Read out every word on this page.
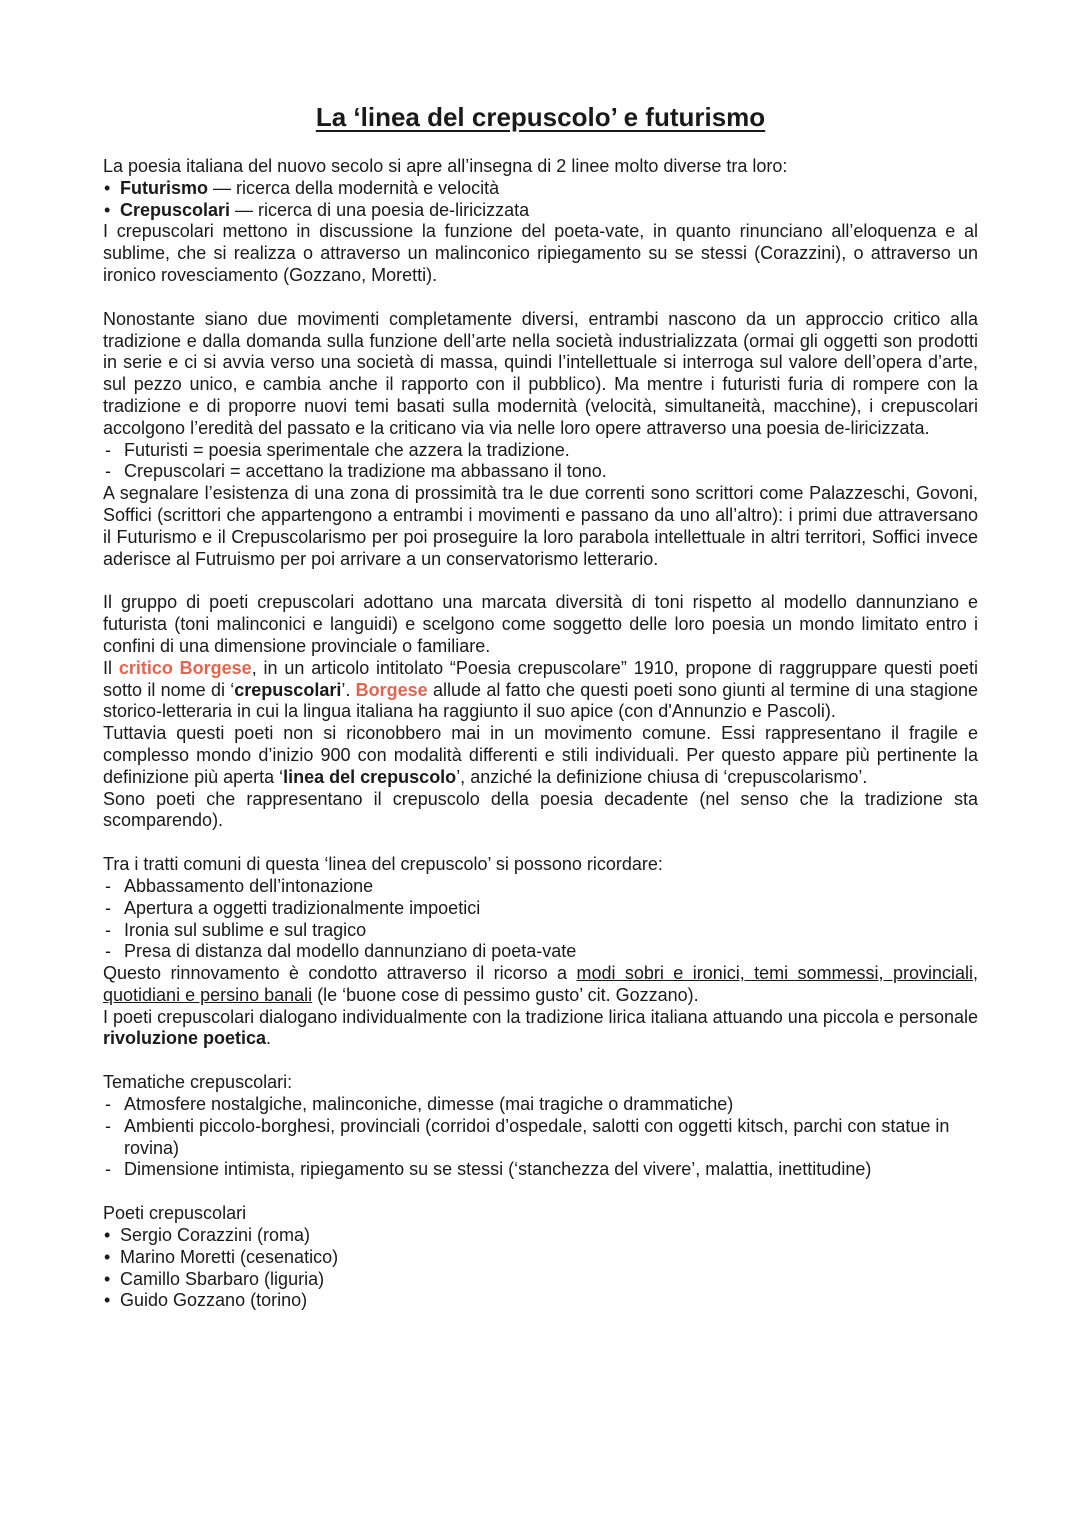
La ‘linea del crepuscolo’ e futurismo

La poesia italiana del nuovo secolo si apre all’insegna di 2 linee molto diverse tra loro:

• Futurismo — ricerca della modernità e velocità
• Crepuscolari — ricerca di una poesia de-liricizzata

I crepuscolari mettono in discussione la funzione del poeta-vate, in quanto rinunciano all’eloquenza e al sublime, che si realizza o attraverso un malinconico ripiegamento su se stessi (Corazzini), o attraverso un ironico rovesciamento (Gozzano, Moretti).

Nonostante siano due movimenti completamente diversi, entrambi nascono da un approccio critico alla tradizione e dalla domanda sulla funzione dell’arte nella società industrializzata (ormai gli oggetti son prodotti in serie e ci si avvia verso una società di massa, quindi l’intellettuale si interroga sul valore dell’opera d’arte, sul pezzo unico, e cambia anche il rapporto con il pubblico). Ma mentre i futuristi furia di rompere con la tradizione e di proporre nuovi temi basati sulla modernità (velocità, simultaneità, macchine), i crepuscolari accolgono l’eredità del passato e la criticano via via nelle loro opere attraverso una poesia de-liricizzata.

- Futuristi = poesia sperimentale che azzera la tradizione.
- Crepuscolari = accettano la tradizione ma abbassano il tono.

A segnalare l’esistenza di una zona di prossimità tra le due correnti sono scrittori come Palazzeschi, Govoni, Soffici (scrittori che appartengono a entrambi i movimenti e passano da uno all’altro): i primi due attraversano il Futurismo e il Crepuscolarismo per poi proseguire la loro parabola intellettuale in altri territori, Soffici invece aderisce al Futruismo per poi arrivare a un conservatorismo letterario.

Il gruppo di poeti crepuscolari adottano una marcata diversità di toni rispetto al modello dannunziano e futurista (toni malinconici e languidi) e scelgono come soggetto delle loro poesia un mondo limitato entro i confini di una dimensione provinciale o familiare.

Il critico Borgese, in un articolo intitolato “Poesia crepuscolare” 1910, propone di raggruppare questi poeti sotto il nome di ‘crepuscolari’. Borgese allude al fatto che questi poeti sono giunti al termine di una stagione storico-letteraria in cui la lingua italiana ha raggiunto il suo apice (con d'Annunzio e Pascoli).

Tuttavia questi poeti non si riconobbero mai in un movimento comune. Essi rappresentano il fragile e complesso mondo d’inizio 900 con modalità differenti e stili individuali. Per questo appare più pertinente la definizione più aperta ‘linea del crepuscolo’, anziché la definizione chiusa di ‘crepuscolarismo’.

Sono poeti che rappresentano il crepuscolo della poesia decadente (nel senso che la tradizione sta scomparendo).

Tra i tratti comuni di questa ‘linea del crepuscolo’ si possono ricordare:

- Abbassamento dell’intonazione
- Apertura a oggetti tradizionalmente impoetici
- Ironia sul sublime e sul tragico
- Presa di distanza dal modello dannunziano di poeta-vate

Questo rinnovamento è condotto attraverso il ricorso a modi sobri e ironici, temi sommessi, provinciali, quotidiani e persino banali (le ‘buone cose di pessimo gusto’ cit. Gozzano).

I poeti crepuscolari dialogano individualmente con la tradizione lirica italiana attuando una piccola e personale rivoluzione poetica.

Tematiche crepuscolari:

- Atmosfere nostalgiche, malinconiche, dimesse (mai tragiche o drammatiche)
- Ambienti piccolo-borghesi, provinciali (corridoi d’ospedale, salotti con oggetti kitsch, parchi con statue in rovina)
- Dimensione intimista, ripiegamento su se stessi (‘stanchezza del vivere’, malattia, inettitudine)

Poeti crepuscolari

• Sergio Corazzini (roma)
• Marino Moretti (cesenatico)
• Camillo Sbarbaro (liguria)
• Guido Gozzano (torino)
